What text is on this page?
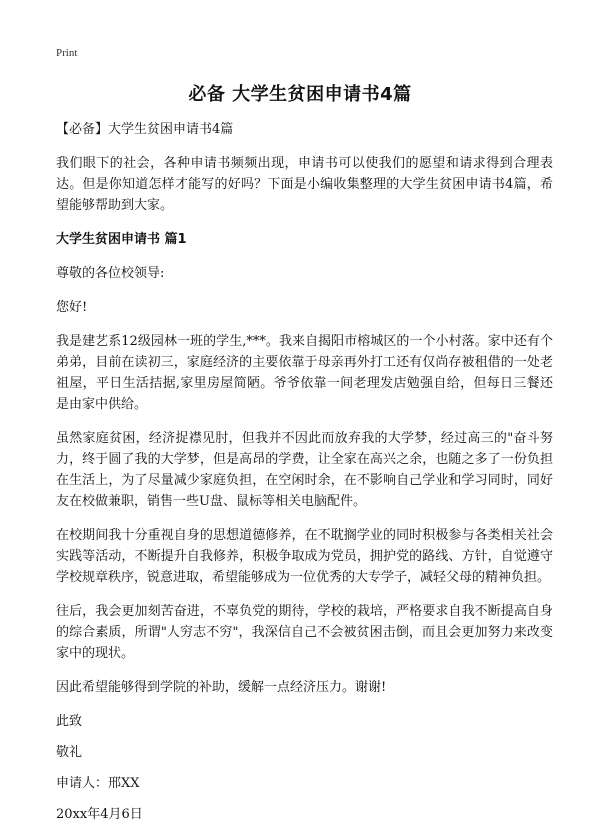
Print
必备 大学生贫困申请书4篇

【必备】大学生贫困申请书4篇

我们眼下的社会，各种申请书频频出现，申请书可以使我们的愿望和请求得到合理表达。但是你知道怎样才能写的好吗？下面是小编收集整理的大学生贫困申请书4篇，希望能够帮助到大家。

大学生贫困申请书 篇1

尊敬的各位校领导:

您好!

我是建艺系12级园林一班的学生,***。我来自揭阳市榕城区的一个小村落。家中还有个弟弟，目前在读初三，家庭经济的主要依靠于母亲再外打工还有仅尚存被租借的一处老祖屋，平日生活拮据,家里房屋简陋。爷爷依靠一间老理发店勉强自给，但每日三餐还是由家中供给。

虽然家庭贫困，经济捉襟见肘，但我并不因此而放弃我的大学梦，经过高三的"奋斗努力，终于圆了我的大学梦，但是高昂的学费，让全家在高兴之余，也随之多了一份负担在生活上，为了尽量减少家庭负担，在空闲时余，在不影响自己学业和学习同时，同好友在校做兼职，销售一些U盘、鼠标等相关电脑配件。

在校期间我十分重视自身的思想道德修养，在不耽搁学业的同时积极参与各类相关社会实践等活动，不断提升自我修养，积极争取成为党员，拥护党的路线、方针，自觉遵守学校规章秩序，锐意进取，希望能够成为一位优秀的大专学子，减轻父母的精神负担。

往后，我会更加刻苦奋进，不辜负党的期待，学校的栽培，严格要求自我不断提高自身的综合素质，所谓"人穷志不穷"，我深信自己不会被贫困击倒，而且会更加努力来改变家中的现状。

因此希望能够得到学院的补助，缓解一点经济压力。谢谢!

此致

敬礼

申请人：邢XX

20xx年4月6日
